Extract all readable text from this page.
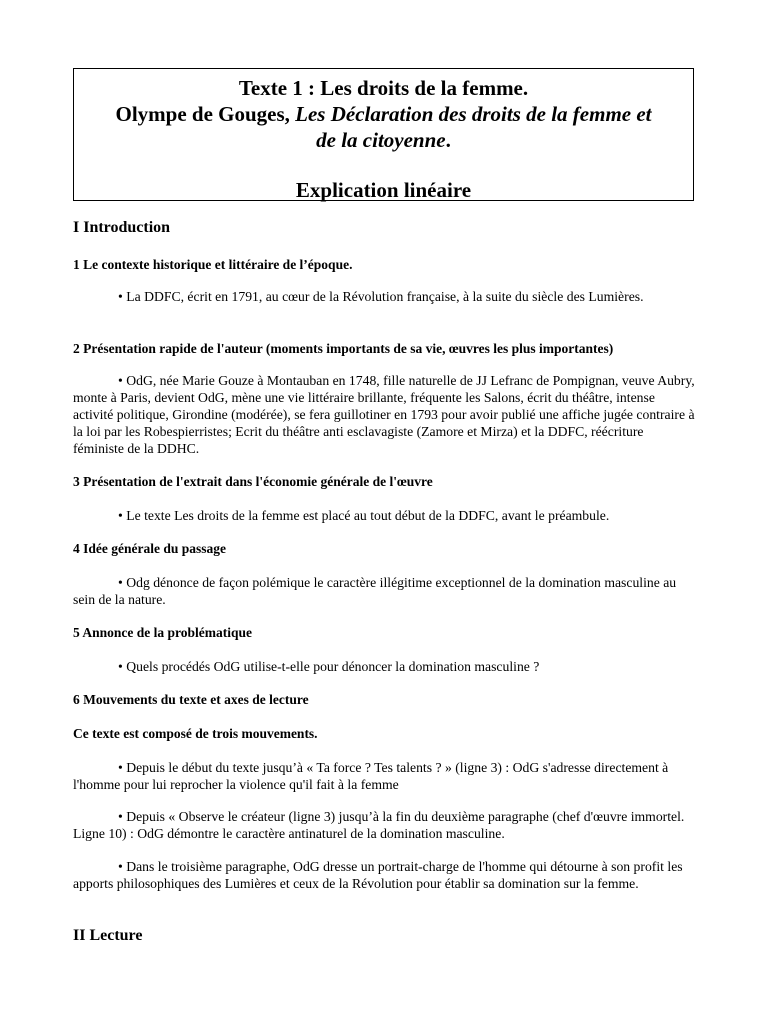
Texte 1 : Les droits de la femme.
Olympe de Gouges, Les Déclaration des droits de la femme et
de la citoyenne.
Explication linéaire
I Introduction
1 Le contexte historique et littéraire de l’époque.
• La DDFC, écrit en 1791, au cœur de la Révolution française, à la suite du siècle des Lumières.
2 Présentation rapide de l'auteur (moments importants de sa vie, œuvres les plus importantes)
• OdG, née Marie Gouze à Montauban en 1748, fille naturelle de JJ Lefranc de Pompignan, veuve Aubry, monte à Paris, devient OdG, mène une vie littéraire brillante, fréquente les Salons, écrit du théâtre, intense activité politique, Girondine (modérée), se fera guillotiner en 1793 pour avoir publié une affiche jugée contraire à la loi par les Robespierristes; Ecrit du théâtre anti esclavagiste (Zamore et Mirza) et la DDFC, réécriture féministe de la DDHC.
3 Présentation de l'extrait dans l'économie générale de l'œuvre
• Le texte Les droits de la femme est placé au tout début de la DDFC, avant le préambule.
4 Idée générale du passage
• Odg dénonce de façon polémique le caractère illégitime exceptionnel de la domination masculine au sein de la nature.
5 Annonce de la problématique
• Quels procédés OdG utilise-t-elle pour dénoncer la domination masculine ?
6 Mouvements du texte et axes de lecture
Ce texte est composé de trois mouvements.
• Depuis le début du texte jusqu’à « Ta force ? Tes talents ? » (ligne 3) : OdG s'adresse directement à l'homme pour lui reprocher la violence qu'il fait à la femme
• Depuis « Observe le créateur (ligne 3) jusqu’à la fin du deuxième paragraphe (chef d'œuvre immortel. Ligne 10) : OdG démontre le caractère antinaturel de la domination masculine.
• Dans le troisième paragraphe, OdG dresse un portrait-charge de l'homme qui détourne à son profit les apports philosophiques des Lumières et ceux de la Révolution pour établir sa domination sur la femme.
II Lecture
